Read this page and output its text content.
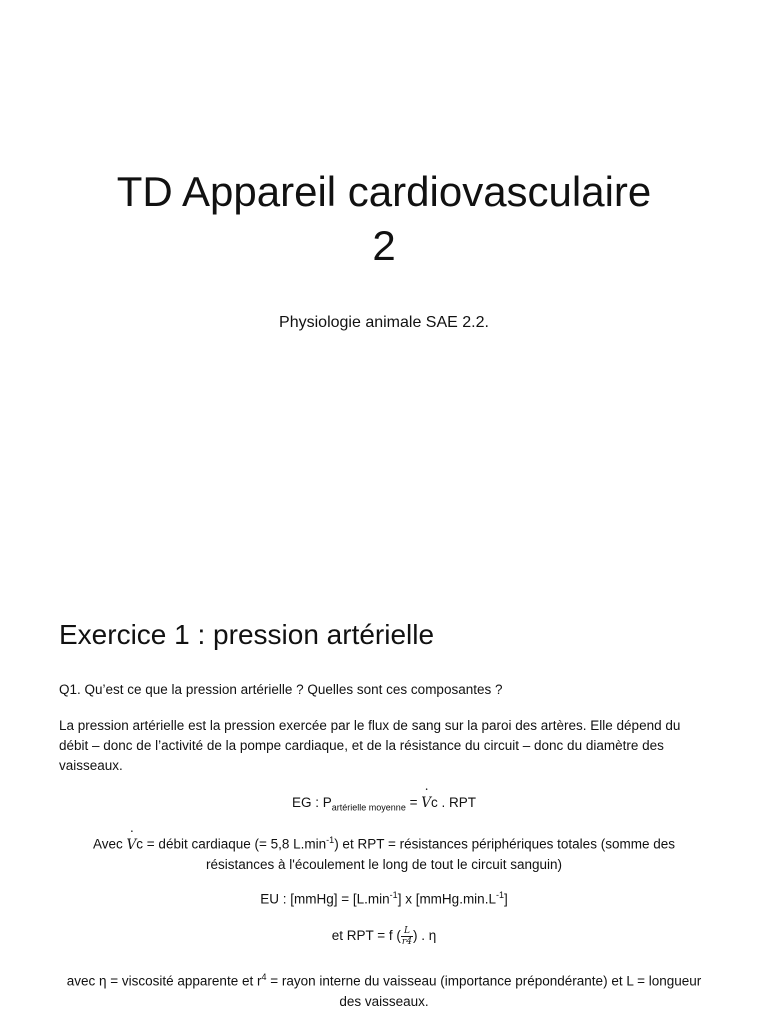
TD Appareil cardiovasculaire
2

Physiologie animale SAE 2.2.

Exercice 1 : pression artérielle
Q1. Qu’est ce que la pression artérielle ? Quelles sont ces composantes ?
La pression artérielle est la pression exercée par le flux de sang sur la paroi des artères. Elle dépend du débit – donc de l’activité de la pompe cardiaque, et de la résistance du circuit – donc du diamètre des vaisseaux.
EG : $P_{artérielle moyenne}$ = ˙ Vc . RPT
Avec ˙ Vc = débit cardiaque (= 5,8 $L.\min^{-1}$) et RPT = résistances périphériques totales (somme des résistances à l'écoulement le long de tout le circuit sanguin)
EU : [mmHg] = $[L.\min^{-1}]$ x $[mmHg.\min.L^{-1}]$
et RPT = f ( $\frac{L}{r4}$ ) . η
avec η = viscosité apparente et $r^4$ = rayon interne du vaisseau (importance prépondérante) et L = longueur des vaisseaux.
